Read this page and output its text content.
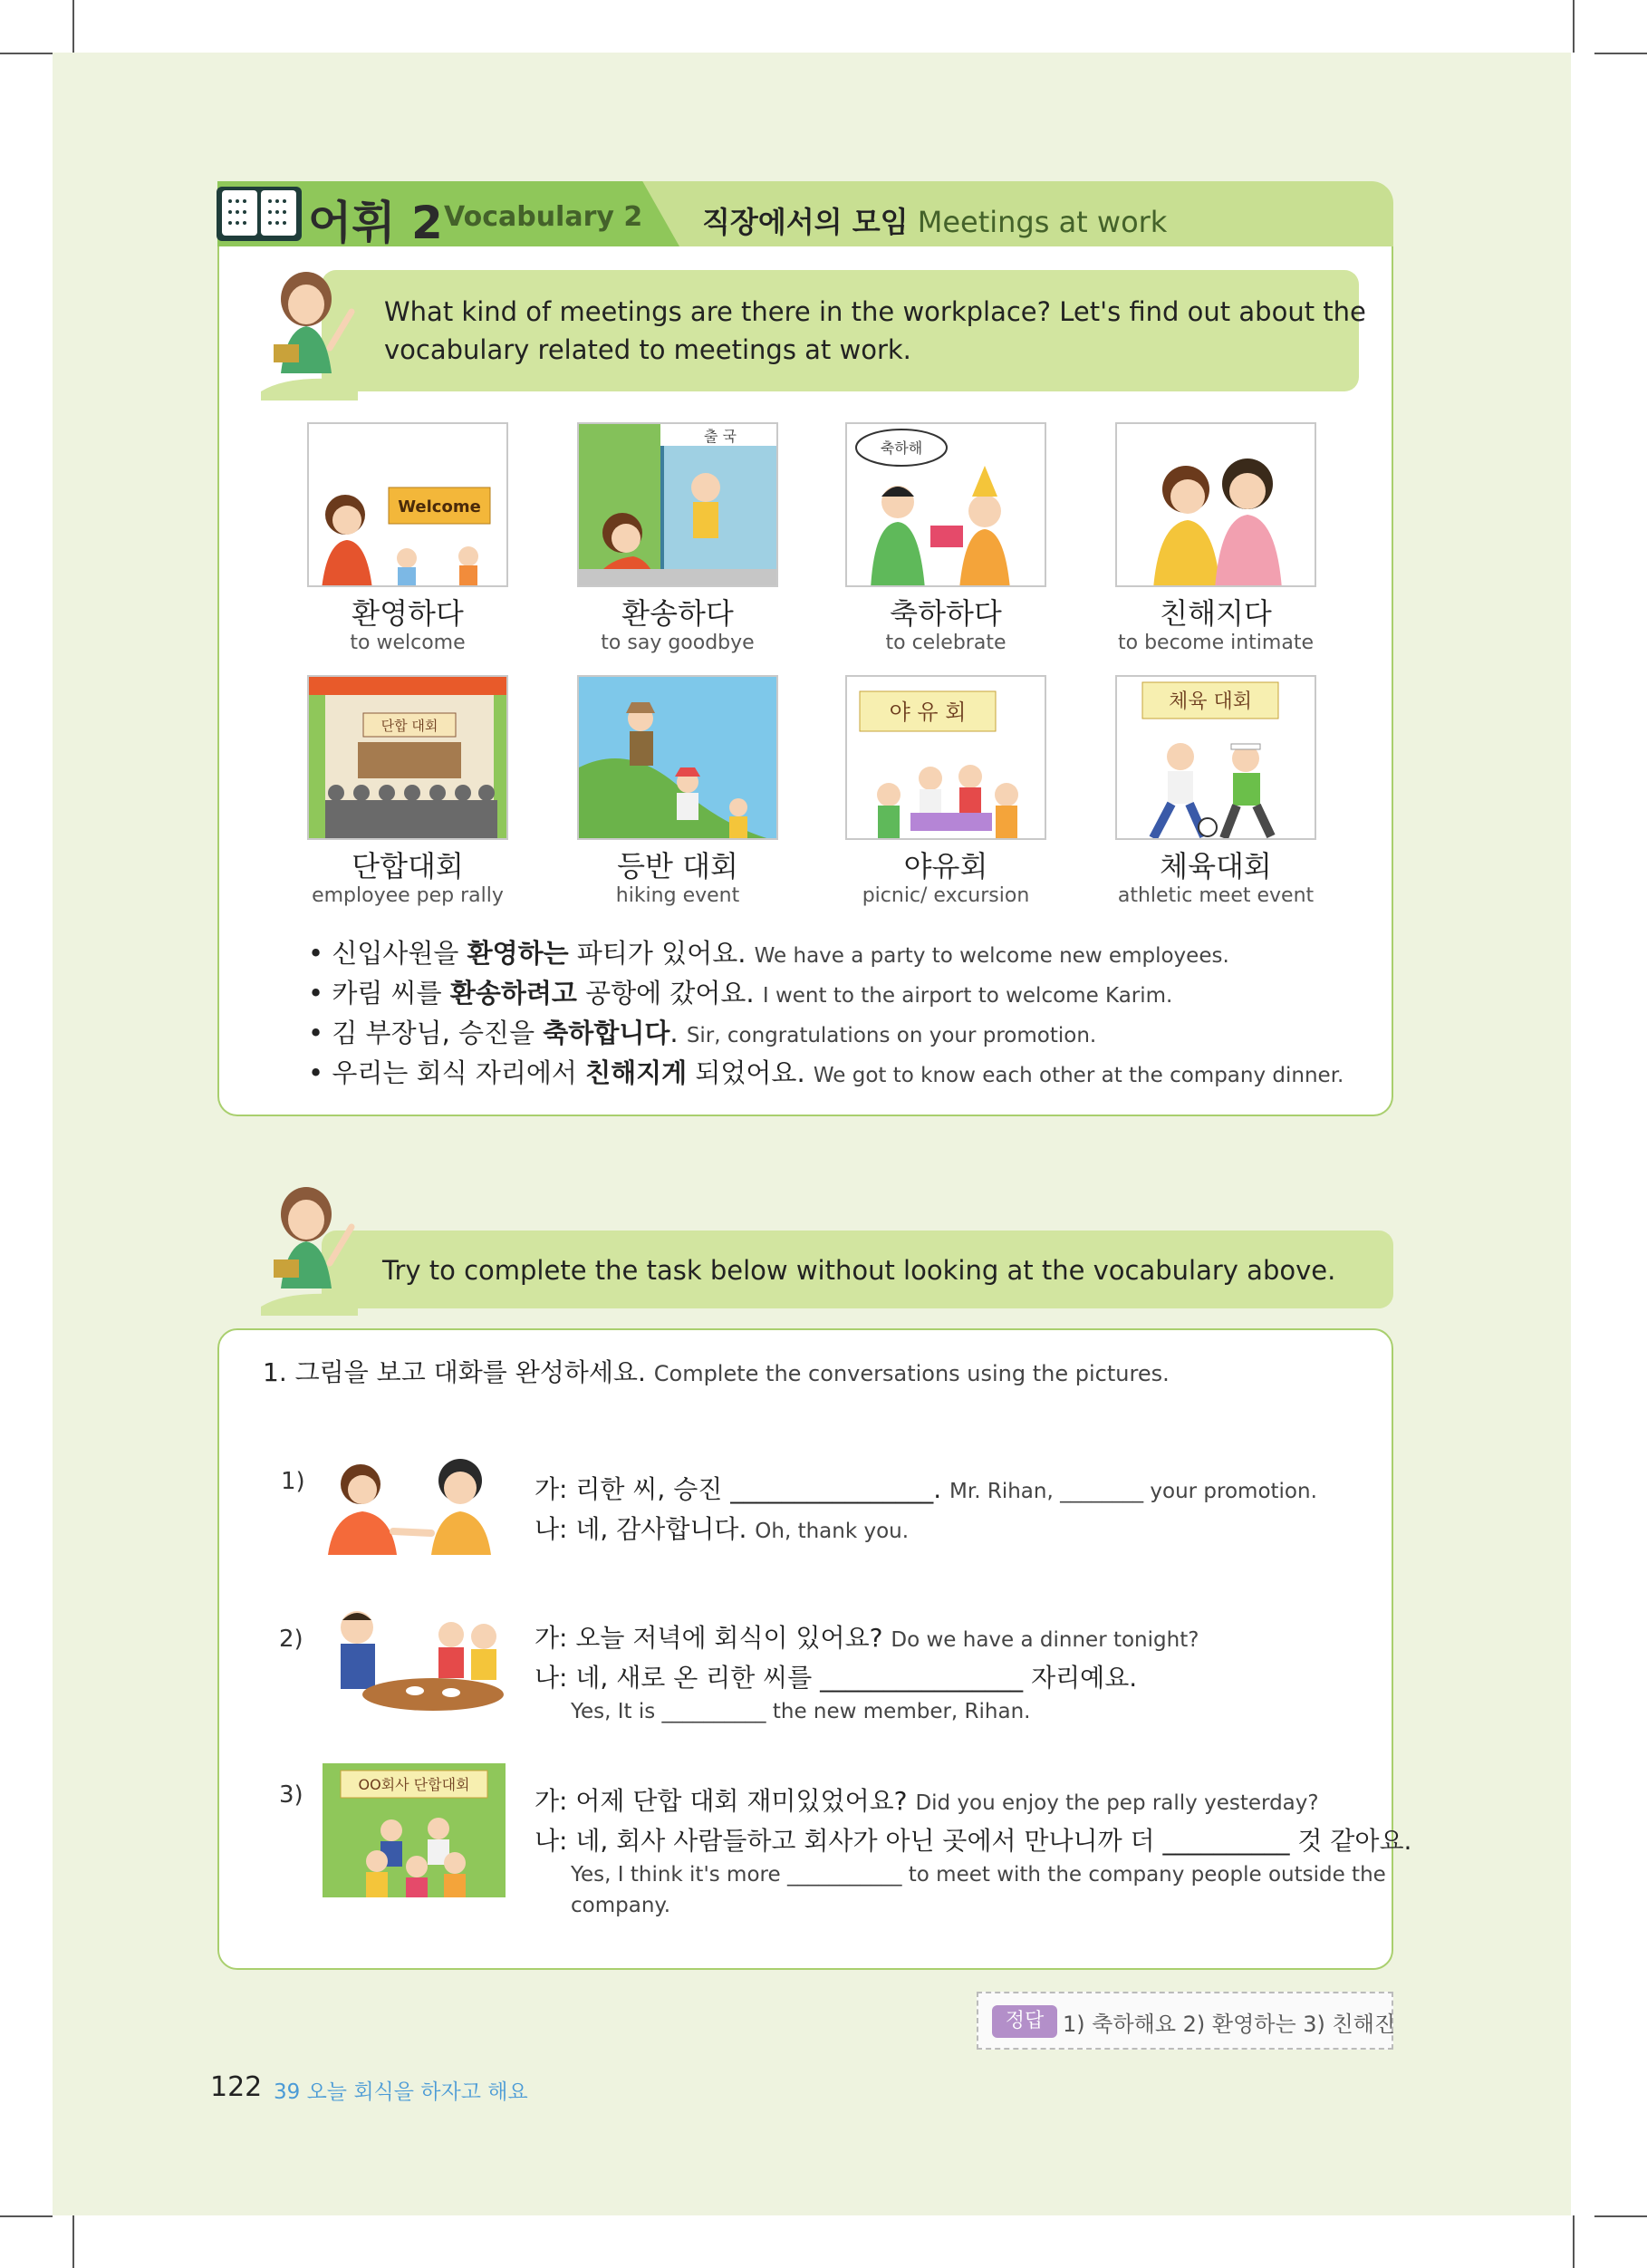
어휘 2 Vocabulary 2 직장에서의 모임 Meetings at work
What kind of meetings are there in the workplace? Let's find out about the
vocabulary related to meetings at work.
Welcome
출 국
축하해
환영하다
to welcome
환송하다
to say goodbye
축하하다
to celebrate
친해지다
to become intimate
단합 대회
야 유 회	체육 대회
단합대회
employee pep rally
등반 대회
hiking event
야유회
picnic/ excursion
체육대회
athletic meet event
• 신입사원을 환영하는 파티가 있어요. We have a party to welcome new employees.
• 카림 씨를 환송하려고 공항에 갔어요. I went to the airport to welcome Karim.
• 김 부장님, 승진을 축하합니다. Sir, congratulations on your promotion.
• 우리는 회식 자리에서 친해지게 되었어요. We got to know each other at the company dinner.
Try to complete the task below without looking at the vocabulary above.
1. 그림을 보고 대화를 완성하세요. Complete the conversations using the pictures.
1)	가: 리한 씨, 승진 ________________. Mr. Rihan, ________ your promotion.
나: 네, 감사합니다. Oh, thank you.
2)	가: 오늘 저녁에 회식이 있어요? Do we have a dinner tonight?
나: 네, 새로 온 리한 씨를 ________________ 자리예요.
Yes, It is __________ the new member, Rihan.
3)	OO회사 단합대회
가: 어제 단합 대회 재미있었어요? Did you enjoy the pep rally yesterday?
나: 네, 회사 사람들하고 회사가 아닌 곳에서 만나니까 더 __________ 것 같아요.
Yes, I think it's more ___________ to meet with the company people outside the
company.
정답 1) 축하해요 2) 환영하는 3) 친해진
122 39 오늘 회식을 하자고 해요
